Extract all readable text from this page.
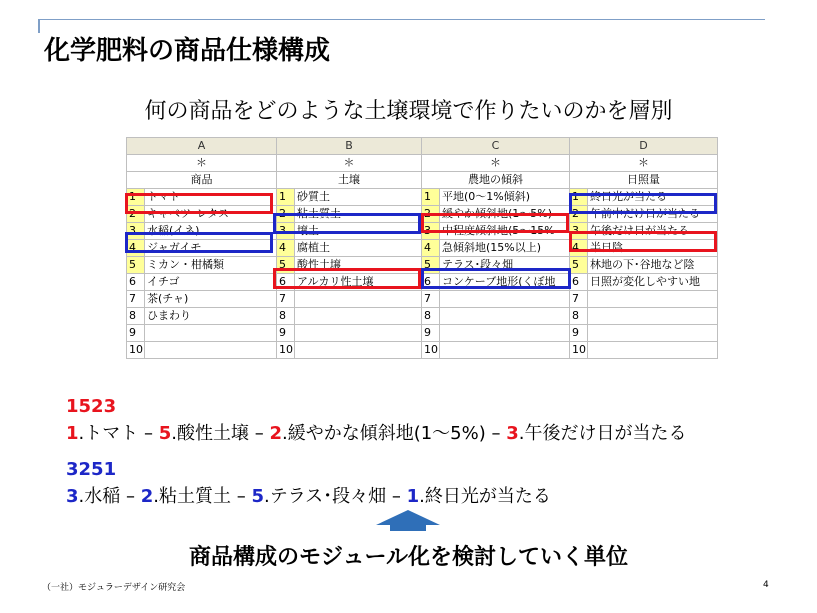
化学肥料の商品仕様構成
何の商品をどのような土壌環境で作りたいのかを層別
A		B		C		D	
＊		＊		＊		＊	
商品		土壌		農地の傾斜		日照量	
1	トマト	1	砂質土	1	平地(0〜1%傾斜)	1	終日光が当たる
2	キャベツ･レタス	2	粘土質土	2	緩やか傾斜地(1〜5%)	2	午前中だけ日が当たる
3	水稲(イネ)	3	壌土	3	中程度傾斜地(5〜15%	3	午後だけ日が当たる
4	ジャガイモ	4	腐植土	4	急傾斜地(15%以上)	4	半日陰
5	ミカン・柑橘類	5	酸性土壌	5	テラス･段々畑	5	林地の下･谷地など陰
6	イチゴ	6	アルカリ性土壌	6	コンケーブ地形(くぼ地	6	日照が変化しやすい地
7	茶(チャ)	7		7		7	
8	ひまわり	8		8		8	
9		9		9		9	
10		10		10		10	
1523
1.トマト – 5.酸性土壌 – 2.緩やかな傾斜地(1〜5%) – 3.午後だけ日が当たる
3251
3.水稲 – 2.粘土質土 – 5.テラス･段々畑 – 1.終日光が当たる
商品構成のモジュール化を検討していく単位
（一社）モジュラーデザイン研究会	4
